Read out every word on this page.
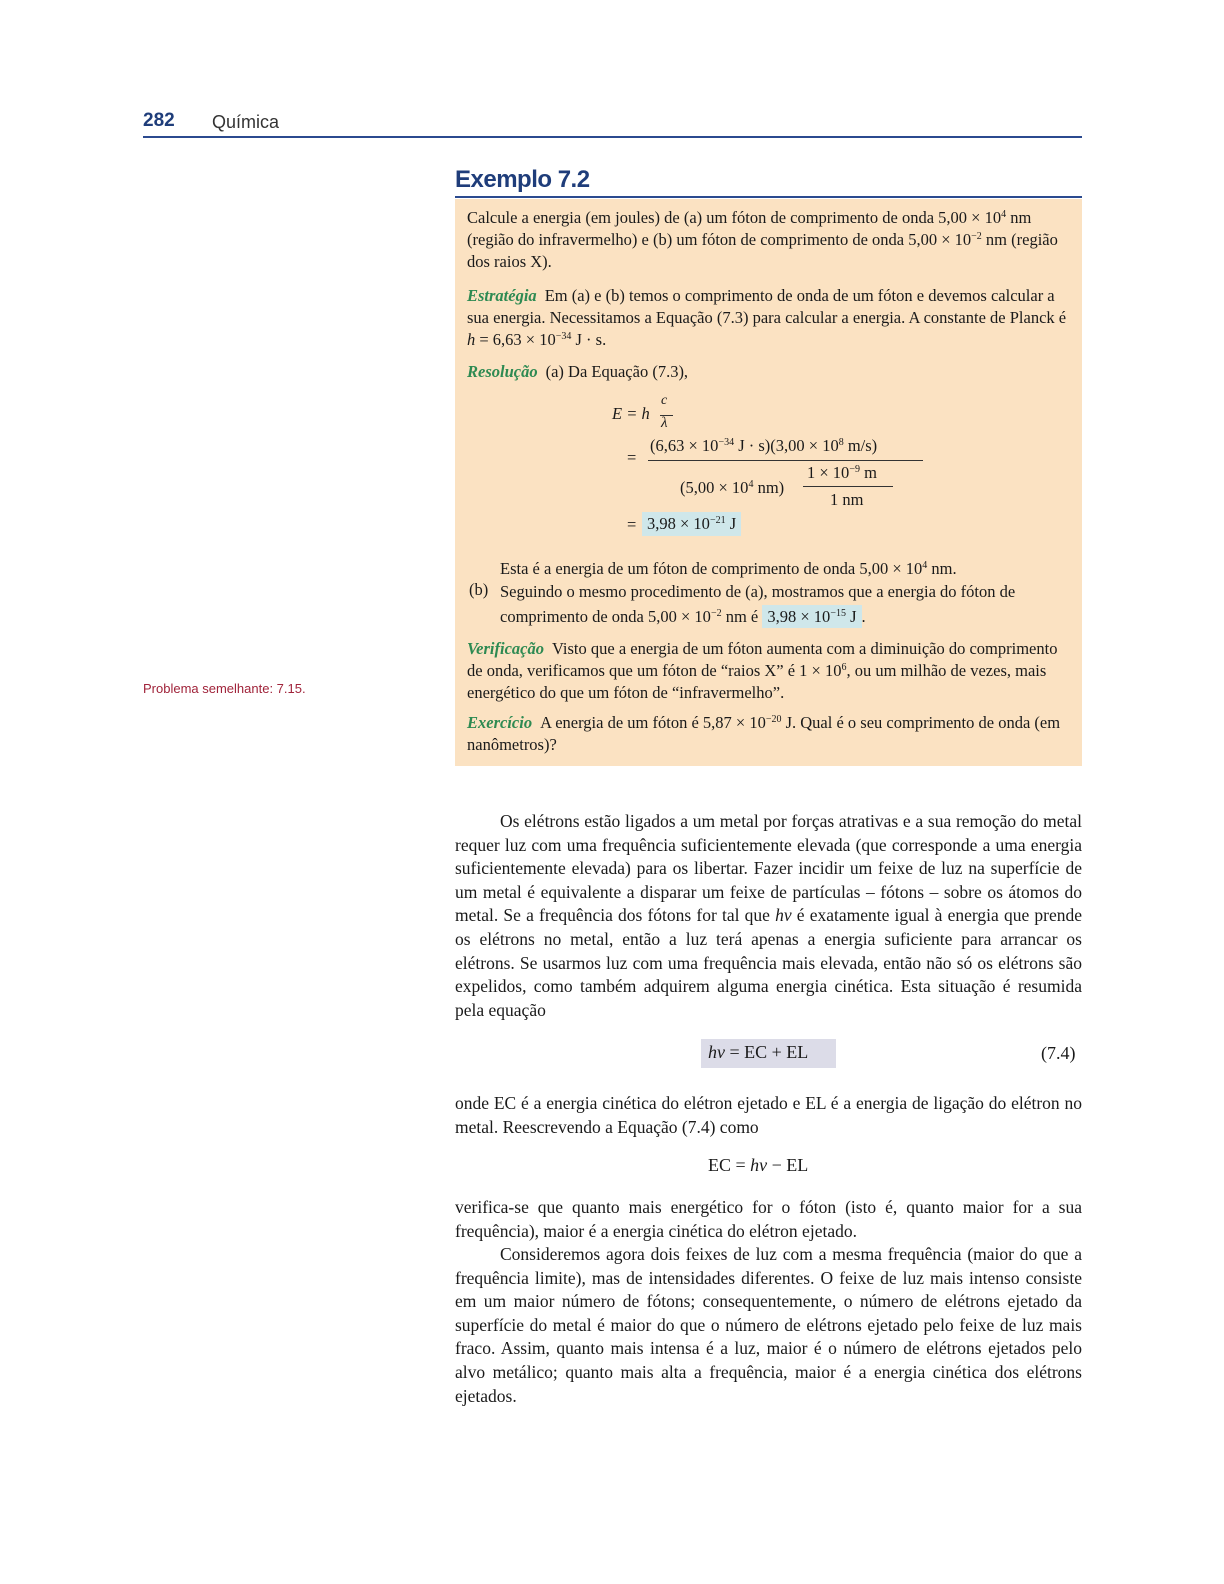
282 Química
Problema semelhante: 7.15.
Exemplo 7.2
Calcule a energia (em joules) de (a) um fóton de comprimento de onda $5,00 \times 10^4$ nm (região do infravermelho) e (b) um fóton de comprimento de onda $5,00 \times 10^{-2}$ nm (região dos raios X).
Estratégia Em (a) e (b) temos o comprimento de onda de um fóton e devemos calcular a sua energia. Necessitamos a Equação (7.3) para calcular a energia. A constante de Planck é $h = 6,63 \times 10^{-34}$ J · s.
Resolução (a) Da Equação (7.3),
c
E = h λ
($6,63 \times 10^{-34}$ $J \cdot s)(3,00 \times 10^8$ m/s)
=
$1 \times 10^{-9}$ m
($5,00 \times 10^4$ nm)
1 nm
= $3,98 \times 10^{-21}$ J
Esta é a energia de um fóton de comprimento de onda $5,00 \times 10^4$ nm.
(b) Seguindo o mesmo procedimento de (a), mostramos que a energia do fóton de comprimento de onda $5,00 \times 10^{-2}$ nm é $3,98 \times 10^{-15}$ J .
Verificação Visto que a energia de um fóton aumenta com a diminuição do comprimento de onda, verificamos que um fóton de “raios X” é $1 \times 10^6$, ou um milhão de vezes, mais energético do que um fóton de “infravermelho”.
Exercício A energia de um fóton é $5,87 \times 10^{-20}$ J. Qual é o seu comprimento de onda (em nanômetros)?
Os elétrons estão ligados a um metal por forças atrativas e a sua remoção do metal requer luz com uma frequência suficientemente elevada (que corresponde a uma energia suficientemente elevada) para os libertar. Fazer incidir um feixe de luz na superfície de um metal é equivalente a disparar um feixe de partículas – fótons – sobre os átomos do metal. Se a frequência dos fótons for tal que hν é exatamente igual à energia que prende os elétrons no metal, então a luz terá apenas a energia suficiente para arrancar os elétrons. Se usarmos luz com uma frequência mais elevada, então não só os elétrons são expelidos, como também adquirem alguma energia cinética. Esta situação é resumida pela equação
hν = EC + EL	(7.4)
onde EC é a energia cinética do elétron ejetado e EL é a energia de ligação do elétron no metal. Reescrevendo a Equação (7.4) como
EC = hν − EL
verifica-se que quanto mais energético for o fóton (isto é, quanto maior for a sua frequência), maior é a energia cinética do elétron ejetado.
Consideremos agora dois feixes de luz com a mesma frequência (maior do que a frequência limite), mas de intensidades diferentes. O feixe de luz mais intenso consiste em um maior número de fótons; consequentemente, o número de elétrons ejetado da superfície do metal é maior do que o número de elétrons ejetado pelo feixe de luz mais fraco. Assim, quanto mais intensa é a luz, maior é o número de elétrons ejetados pelo alvo metálico; quanto mais alta a frequência, maior é a energia cinética dos elétrons ejetados.
